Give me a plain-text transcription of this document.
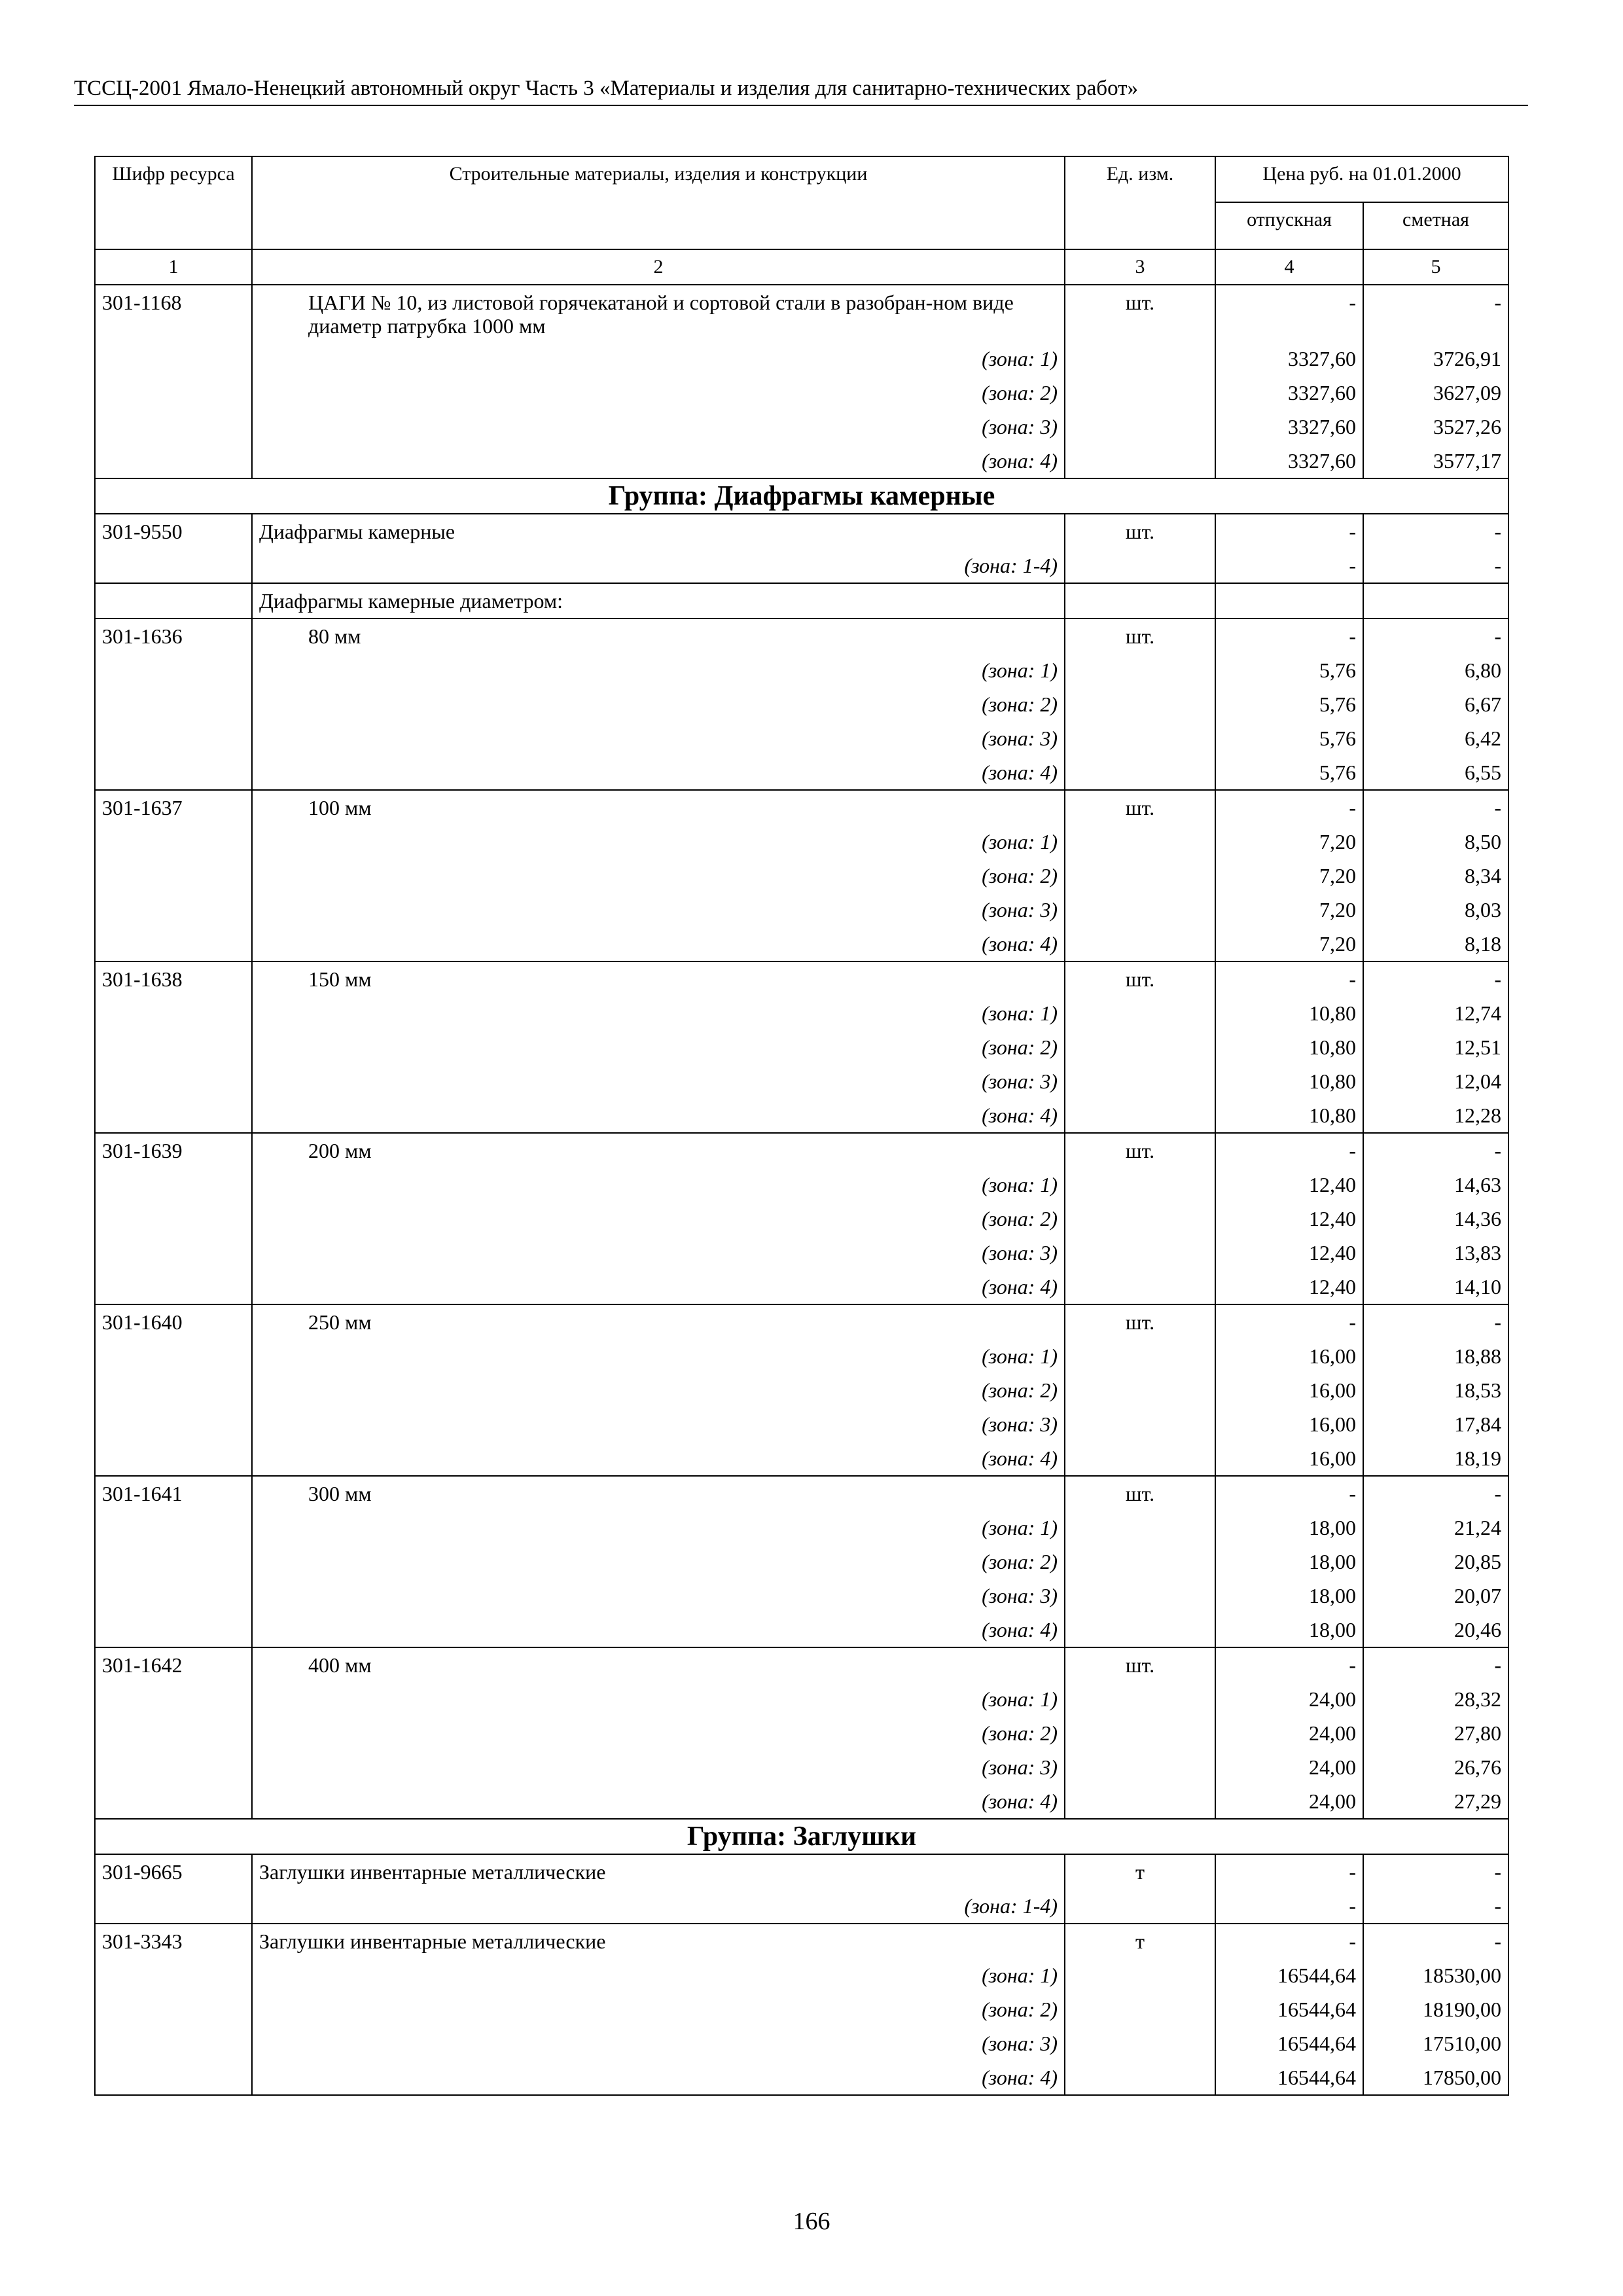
ТССЦ-2001 Ямало-Ненецкий автономный округ Часть 3 «Материалы и изделия для санитарно-технических работ»
Шифр ресурса	Строительные материалы, изделия и конструкции	Ед. изм.	Цена руб. на 01.01.2000	
			отпускная	сметная
1	2	3	4	5
301-1168	ЦАГИ № 10, из листовой горячекатаной и сортовой стали в разобран-ном виде диаметр патрубка 1000 мм	шт.	-	-
	(зона: 1)		3327,60	3726,91
	(зона: 2)		3327,60	3627,09
	(зона: 3)		3327,60	3527,26
	(зона: 4)		3327,60	3577,17
Группа: Диафрагмы камерные				
301-9550	Диафрагмы камерные	шт.	-	-
	(зона: 1-4)		-	-
	Диафрагмы камерные диаметром:			
301-1636	80 мм	шт.	-	-
	(зона: 1)		5,76	6,80
	(зона: 2)		5,76	6,67
	(зона: 3)		5,76	6,42
	(зона: 4)		5,76	6,55
301-1637	100 мм	шт.	-	-
	(зона: 1)		7,20	8,50
	(зона: 2)		7,20	8,34
	(зона: 3)		7,20	8,03
	(зона: 4)		7,20	8,18
301-1638	150 мм	шт.	-	-
	(зона: 1)		10,80	12,74
	(зона: 2)		10,80	12,51
	(зона: 3)		10,80	12,04
	(зона: 4)		10,80	12,28
301-1639	200 мм	шт.	-	-
	(зона: 1)		12,40	14,63
	(зона: 2)		12,40	14,36
	(зона: 3)		12,40	13,83
	(зона: 4)		12,40	14,10
301-1640	250 мм	шт.	-	-
	(зона: 1)		16,00	18,88
	(зона: 2)		16,00	18,53
	(зона: 3)		16,00	17,84
	(зона: 4)		16,00	18,19
301-1641	300 мм	шт.	-	-
	(зона: 1)		18,00	21,24
	(зона: 2)		18,00	20,85
	(зона: 3)		18,00	20,07
	(зона: 4)		18,00	20,46
301-1642	400 мм	шт.	-	-
	(зона: 1)		24,00	28,32
	(зона: 2)		24,00	27,80
	(зона: 3)		24,00	26,76
	(зона: 4)		24,00	27,29
Группа: Заглушки				
301-9665	Заглушки инвентарные металлические	т	-	-
	(зона: 1-4)		-	-
301-3343	Заглушки инвентарные металлические	т	-	-
	(зона: 1)		16544,64	18530,00
	(зона: 2)		16544,64	18190,00
	(зона: 3)		16544,64	17510,00
	(зона: 4)		16544,64	17850,00
166
